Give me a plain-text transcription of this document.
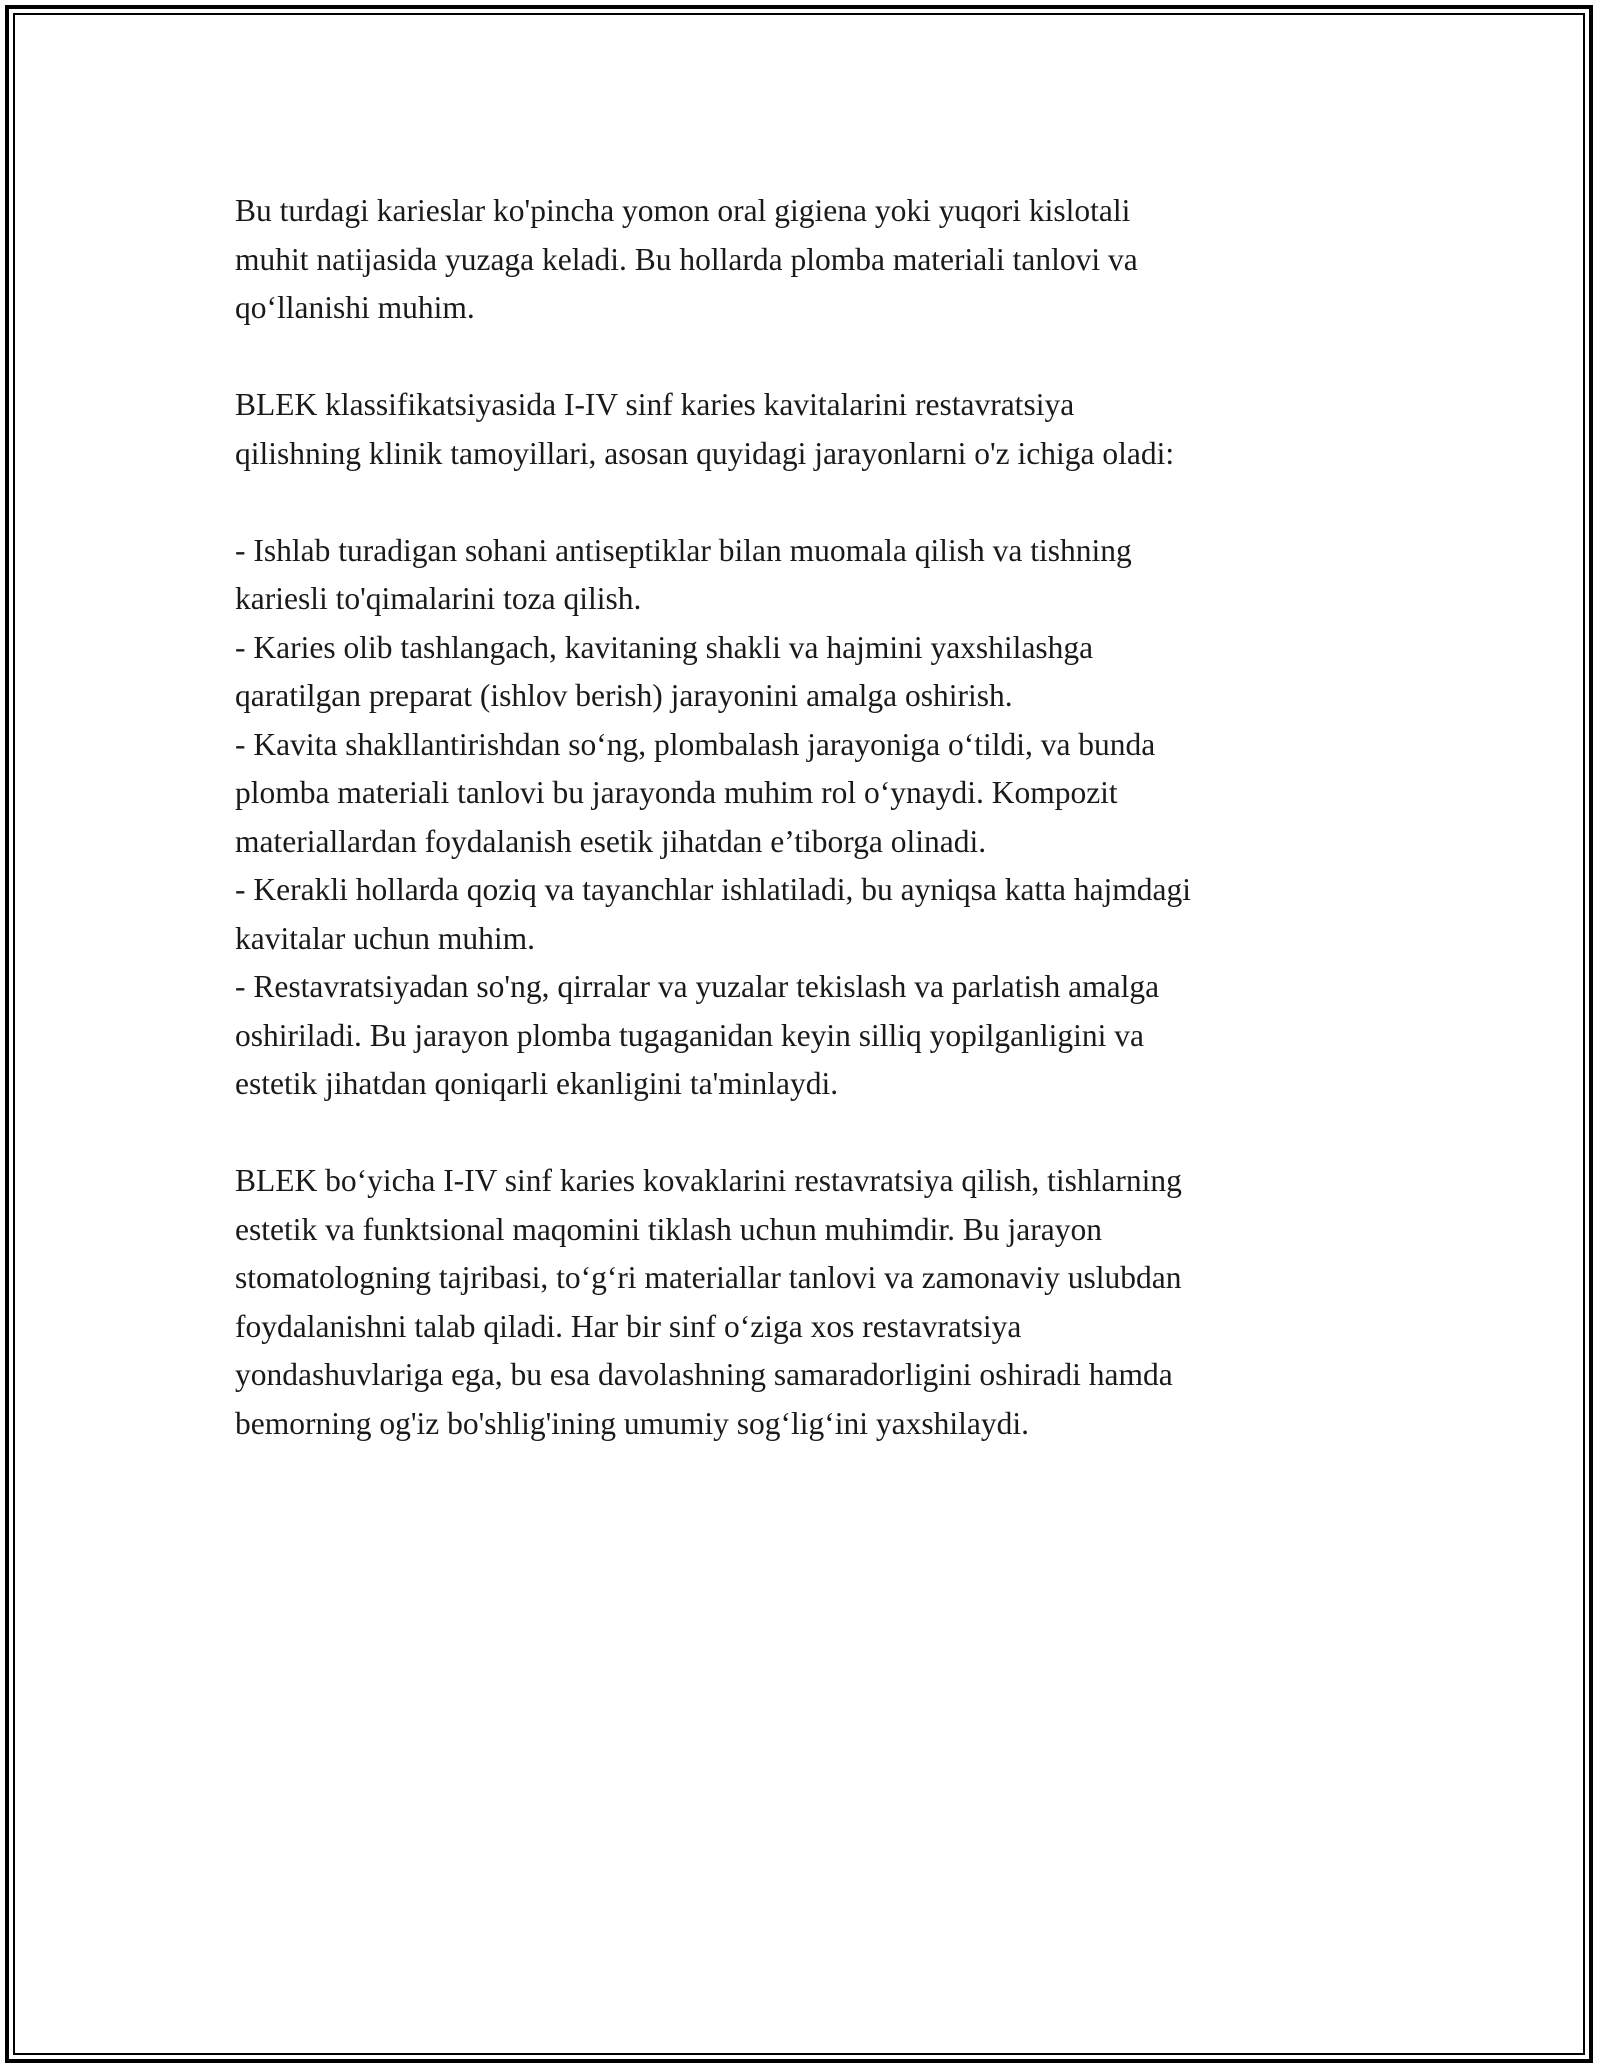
Bu turdagi karieslar ko'pincha yomon oral gigiena yoki yuqori kislotali
muhit natijasida yuzaga keladi. Bu hollarda plomba materiali tanlovi va
qo‘llanishi muhim.

BLEK klassifikatsiyasida I-IV sinf karies kavitalarini restavratsiya
qilishning klinik tamoyillari, asosan quyidagi jarayonlarni o'z ichiga oladi:

- Ishlab turadigan sohani antiseptiklar bilan muomala qilish va tishning
kariesli to'qimalarini toza qilish.
- Karies olib tashlangach, kavitaning shakli va hajmini yaxshilashga
qaratilgan preparat (ishlov berish) jarayonini amalga oshirish.
- Kavita shakllantirishdan so‘ng, plombalash jarayoniga o‘tildi, va bunda
plomba materiali tanlovi bu jarayonda muhim rol o‘ynaydi. Kompozit
materiallardan foydalanish esetik jihatdan e’tiborga olinadi.
- Kerakli hollarda qoziq va tayanchlar ishlatiladi, bu ayniqsa katta hajmdagi
kavitalar uchun muhim.
- Restavratsiyadan so'ng, qirralar va yuzalar tekislash va parlatish amalga
oshiriladi. Bu jarayon plomba tugaganidan keyin silliq yopilganligini va
estetik jihatdan qoniqarli ekanligini ta'minlaydi.

BLEK bo‘yicha I-IV sinf karies kovaklarini restavratsiya qilish, tishlarning
estetik va funktsional maqomini tiklash uchun muhimdir. Bu jarayon
stomatologning tajribasi, to‘g‘ri materiallar tanlovi va zamonaviy uslubdan
foydalanishni talab qiladi. Har bir sinf o‘ziga xos restavratsiya
yondashuvlariga ega, bu esa davolashning samaradorligini oshiradi hamda
bemorning og'iz bo'shlig'ining umumiy sog‘lig‘ini yaxshilaydi.
